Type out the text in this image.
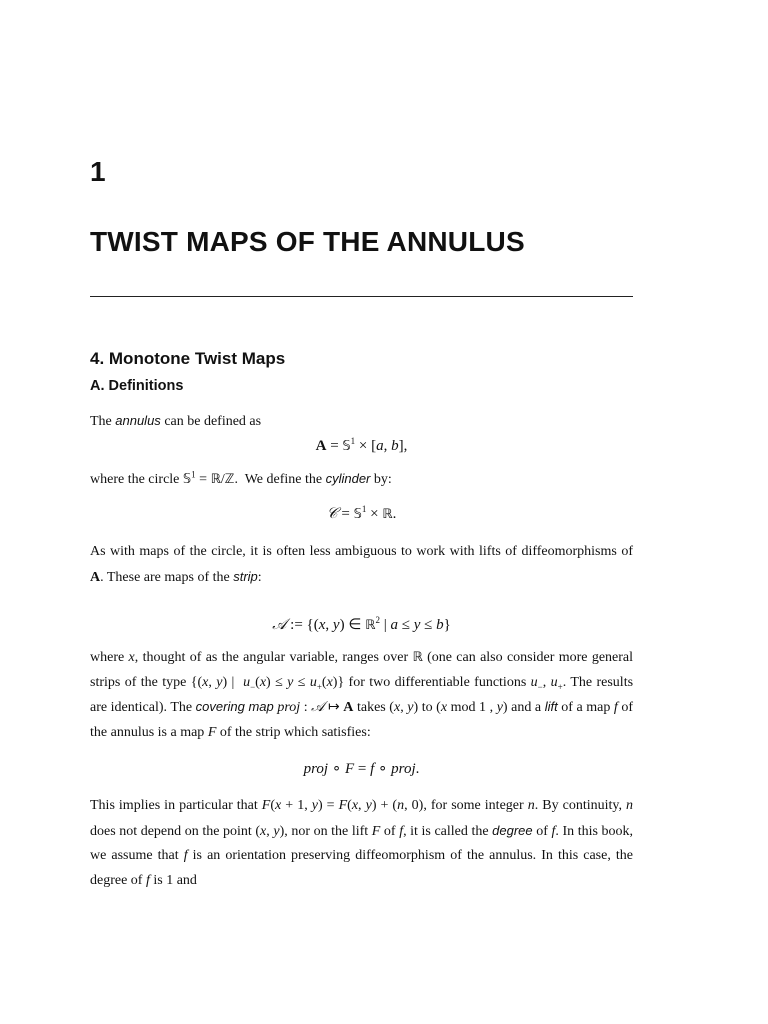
1
TWIST MAPS OF THE ANNULUS
4. Monotone Twist Maps
A. Definitions
The annulus can be defined as
A = 𝕊$^1$ × [a, b],
where the circle 𝕊$^1$ = ℝ/ℤ.  We define the cylinder by:
𝒞 = 𝕊$^1$ × ℝ.
As with maps of the circle, it is often less ambiguous to work with lifts of diffeomorphisms of A. These are maps of the strip:
𝒜 := {(x, y) ∈ ℝ$^2$ | a ≤ y ≤ b}
where x, thought of as the angular variable, ranges over ℝ (one can also consider more general strips of the type {(x, y) |  $u_-(x) \le y \le u_+(x)$} for two differentiable functions $u_-$, $u_+$. The results are identical). The covering map proj : 𝒜 ↦ A takes (x, y) to (x mod 1 , y) and a lift of a map f of the annulus is a map F of the strip which satisfies:
proj ∘ F = f ∘ proj.
This implies in particular that F(x + 1, y) = F(x, y) + (n, 0), for some integer n. By continuity, n does not depend on the point (x, y), nor on the lift F of f, it is called the degree of f. In this book, we assume that f is an orientation preserving diffeomorphism of the annulus. In this case, the degree of f is 1 and
